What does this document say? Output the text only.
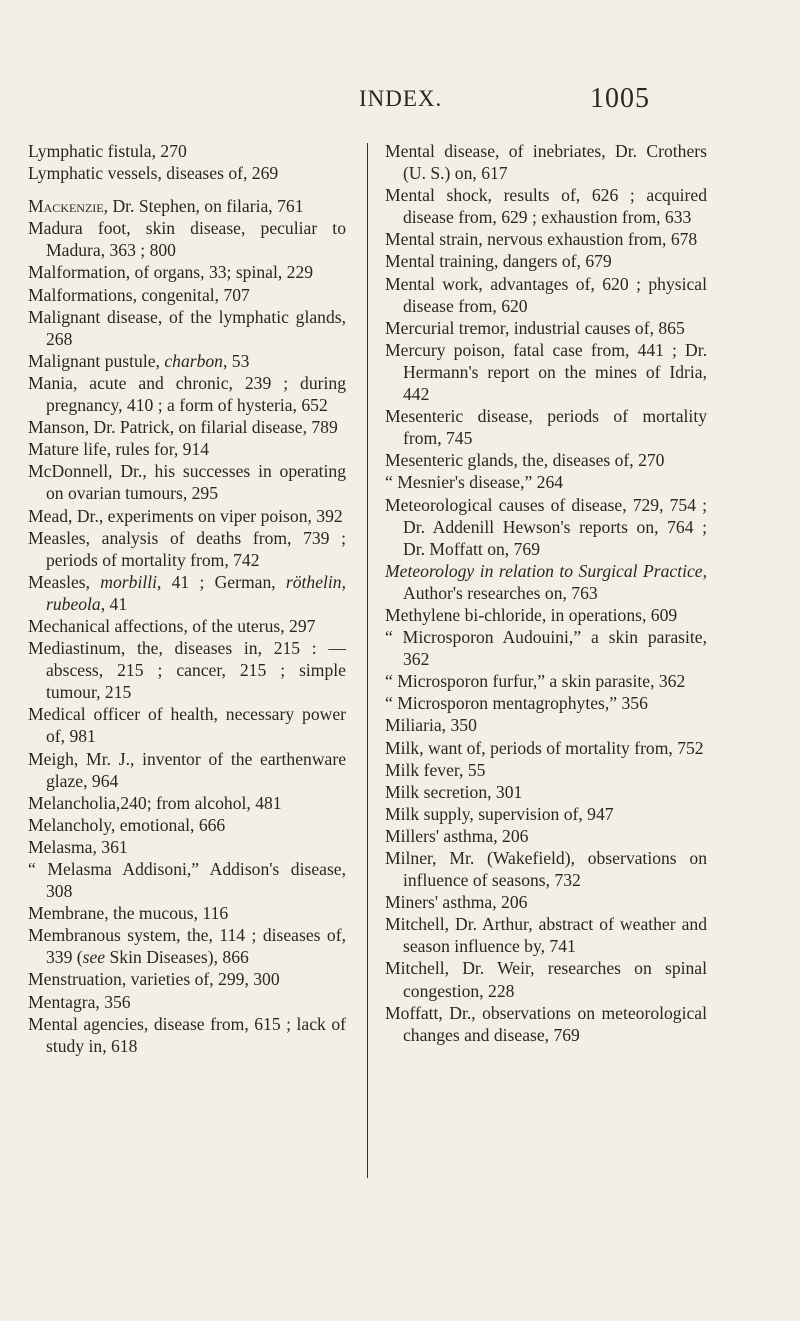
INDEX.	1005

Lymphatic fistula, 270

Lymphatic vessels, diseases of, 269

Mackenzie, Dr. Stephen, on filaria, 761

Madura foot, skin disease, peculiar to Madura, 363 ; 800

Malformation, of organs, 33; spinal, 229

Malformations, congenital, 707

Malignant disease, of the lymphatic glands, 268

Malignant pustule, charbon, 53

Mania, acute and chronic, 239 ; during pregnancy, 410 ; a form of hysteria, 652

Manson, Dr. Patrick, on filarial disease, 789

Mature life, rules for, 914

McDonnell, Dr., his successes in operating on ovarian tumours, 295

Mead, Dr., experiments on viper poison, 392

Measles, analysis of deaths from, 739 ; periods of mortality from, 742

Measles, morbilli, 41 ; German, röthelin, rubeola, 41

Mechanical affections, of the uterus, 297

Mediastinum, the, diseases in, 215 : — abscess, 215 ; cancer, 215 ; simple tumour, 215

Medical officer of health, necessary power of, 981

Meigh, Mr. J., inventor of the earthenware glaze, 964

Melancholia,240; from alcohol, 481

Melancholy, emotional, 666

Melasma, 361

“ Melasma Addisoni,” Addison's disease, 308

Membrane, the mucous, 116

Membranous system, the, 114 ; diseases of, 339 (see Skin Diseases), 866

Menstruation, varieties of, 299, 300

Mentagra, 356

Mental agencies, disease from, 615 ; lack of study in, 618

Mental disease, of inebriates, Dr. Crothers (U. S.) on, 617

Mental shock, results of, 626 ; acquired disease from, 629 ; exhaustion from, 633

Mental strain, nervous exhaustion from, 678

Mental training, dangers of, 679

Mental work, advantages of, 620 ; physical disease from, 620

Mercurial tremor, industrial causes of, 865

Mercury poison, fatal case from, 441 ; Dr. Hermann's report on the mines of Idria, 442

Mesenteric disease, periods of mortality from, 745

Mesenteric glands, the, diseases of, 270

“ Mesnier's disease,” 264

Meteorological causes of disease, 729, 754 ; Dr. Addenill Hewson's reports on, 764 ; Dr. Moffatt on, 769

Meteorology in relation to Surgical Practice, Author's researches on, 763

Methylene bi-chloride, in operations, 609

“ Microsporon Audouini,” a skin parasite, 362

“ Microsporon furfur,” a skin parasite, 362

“ Microsporon mentagrophytes,” 356

Miliaria, 350

Milk, want of, periods of mortality from, 752

Milk fever, 55

Milk secretion, 301

Milk supply, supervision of, 947

Millers' asthma, 206

Milner, Mr. (Wakefield), observations on influence of seasons, 732

Miners' asthma, 206

Mitchell, Dr. Arthur, abstract of weather and season influence by, 741

Mitchell, Dr. Weir, researches on spinal congestion, 228

Moffatt, Dr., observations on meteorological changes and disease, 769
